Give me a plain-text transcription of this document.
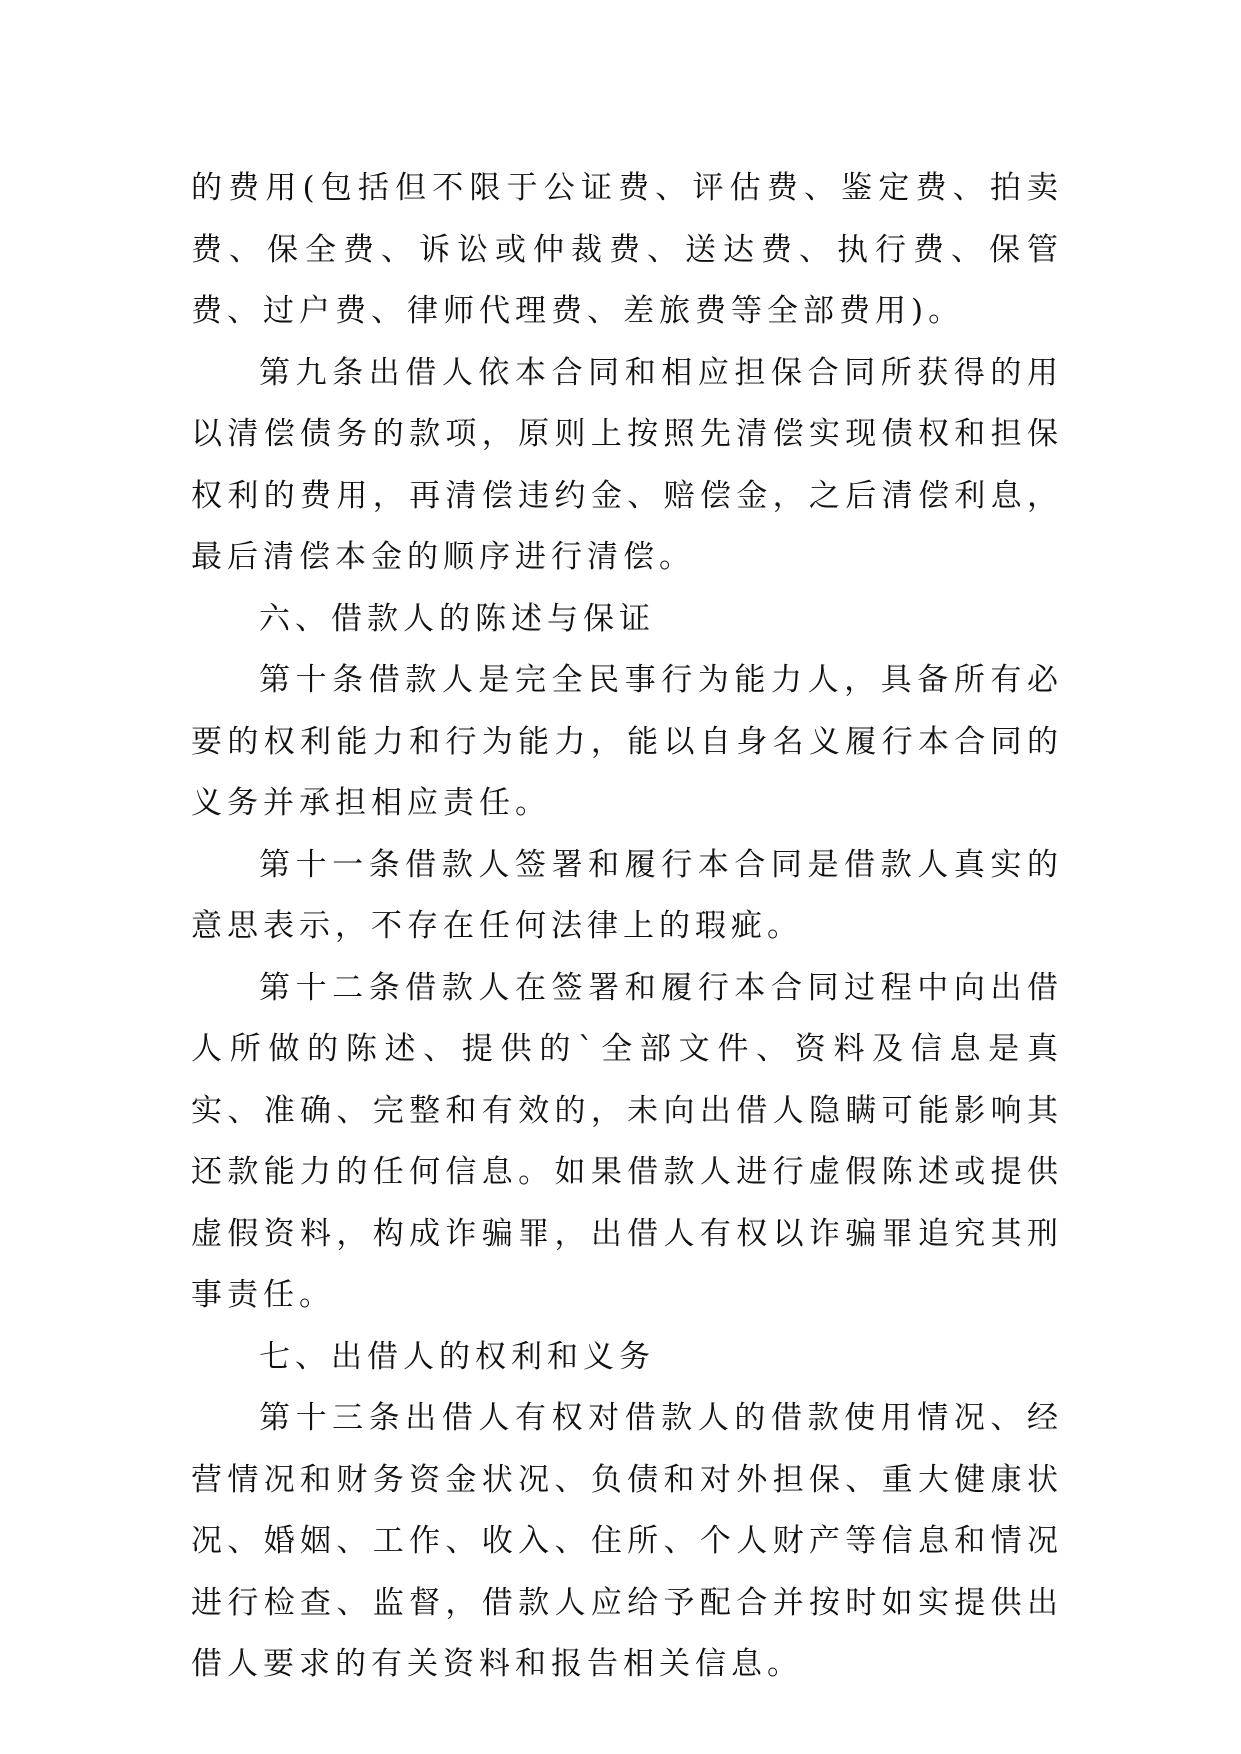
的费用(包括但不限于公证费、评估费、鉴定费、拍卖费、保全费、诉讼或仲裁费、送达费、执行费、保管费、过户费、律师代理费、差旅费等全部费用)。

第九条出借人依本合同和相应担保合同所获得的用以清偿债务的款项，原则上按照先清偿实现债权和担保权利的费用，再清偿违约金、赔偿金，之后清偿利息，最后清偿本金的顺序进行清偿。

六、借款人的陈述与保证

第十条借款人是完全民事行为能力人，具备所有必要的权利能力和行为能力，能以自身名义履行本合同的义务并承担相应责任。

第十一条借款人签署和履行本合同是借款人真实的意思表示，不存在任何法律上的瑕疵。

第十二条借款人在签署和履行本合同过程中向出借人所做的陈述、提供的`全部文件、资料及信息是真实、准确、完整和有效的，未向出借人隐瞒可能影响其还款能力的任何信息。如果借款人进行虚假陈述或提供虚假资料，构成诈骗罪，出借人有权以诈骗罪追究其刑事责任。

七、出借人的权利和义务

第十三条出借人有权对借款人的借款使用情况、经营情况和财务资金状况、负债和对外担保、重大健康状况、婚姻、工作、收入、住所、个人财产等信息和情况进行检查、监督，借款人应给予配合并按时如实提供出借人要求的有关资料和报告相关信息。
